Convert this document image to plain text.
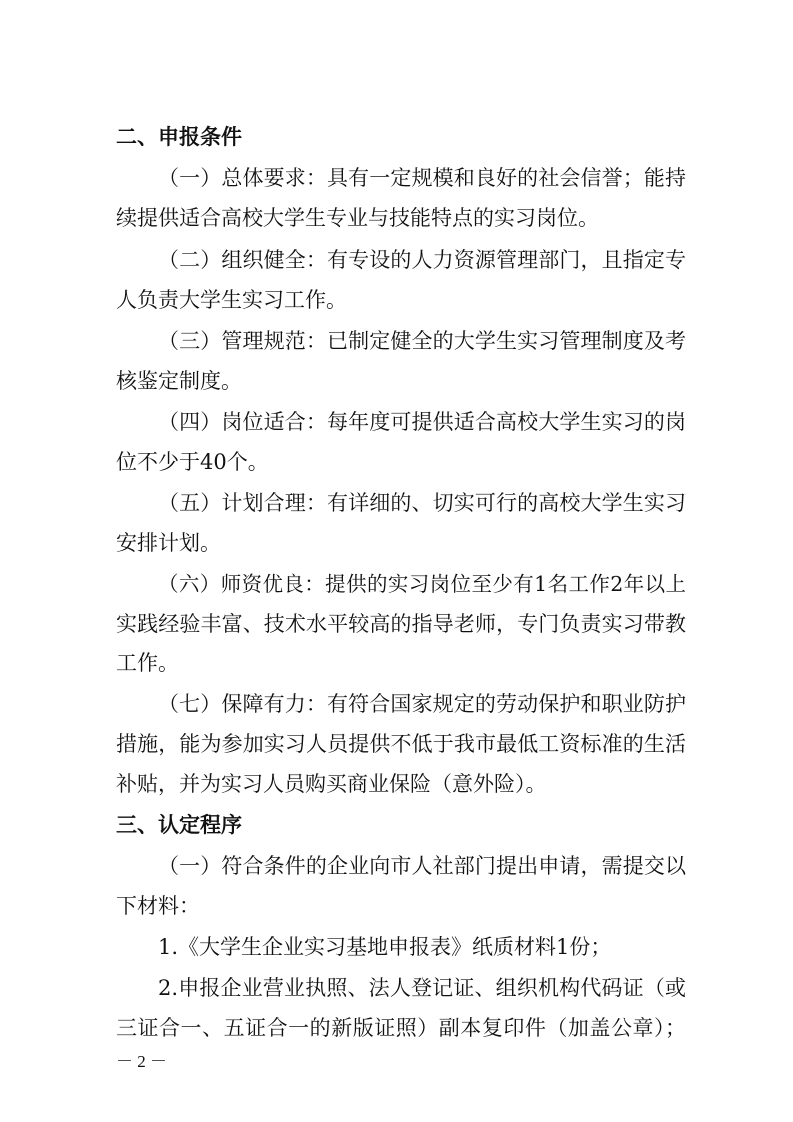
二、申报条件
（一）总体要求：具有一定规模和良好的社会信誉；能持
续提供适合高校大学生专业与技能特点的实习岗位。
（二）组织健全：有专设的人力资源管理部门，且指定专
人负责大学生实习工作。
（三）管理规范：已制定健全的大学生实习管理制度及考
核鉴定制度。
（四）岗位适合：每年度可提供适合高校大学生实习的岗
位不少于40个。
（五）计划合理：有详细的、切实可行的高校大学生实习
安排计划。
（六）师资优良：提供的实习岗位至少有1名工作2年以上
实践经验丰富、技术水平较高的指导老师，专门负责实习带教
工作。
（七）保障有力：有符合国家规定的劳动保护和职业防护
措施，能为参加实习人员提供不低于我市最低工资标准的生活
补贴，并为实习人员购买商业保险（意外险）。
三、认定程序
（一）符合条件的企业向市人社部门提出申请，需提交以
下材料：
1.《大学生企业实习基地申报表》纸质材料1份；
2.申报企业营业执照、法人登记证、组织机构代码证（或
三证合一、五证合一的新版证照）副本复印件（加盖公章）；
－ 2 －
